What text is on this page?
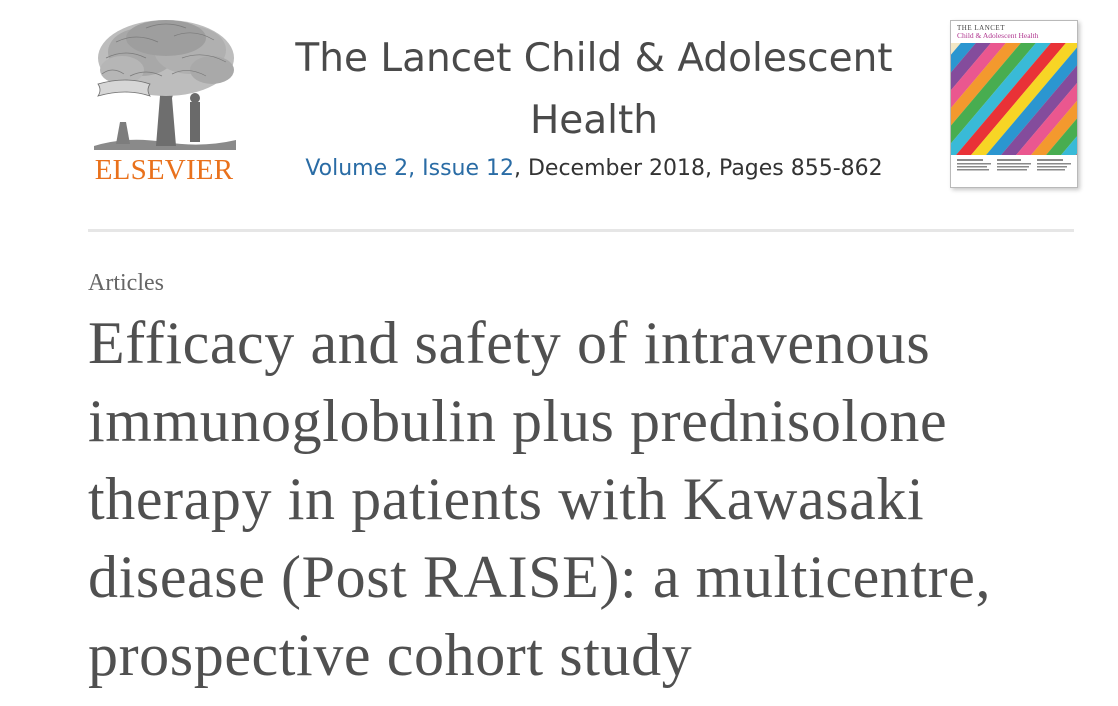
ELSEVIER
The Lancet Child & Adolescent Health
Volume 2, Issue 12, December 2018, Pages 855-862
THE LANCET
Child & Adolescent Health
Articles
Efficacy and safety of intravenous immunoglobulin plus prednisolone therapy in patients with Kawasaki disease (Post RAISE): a multicentre, prospective cohort study
